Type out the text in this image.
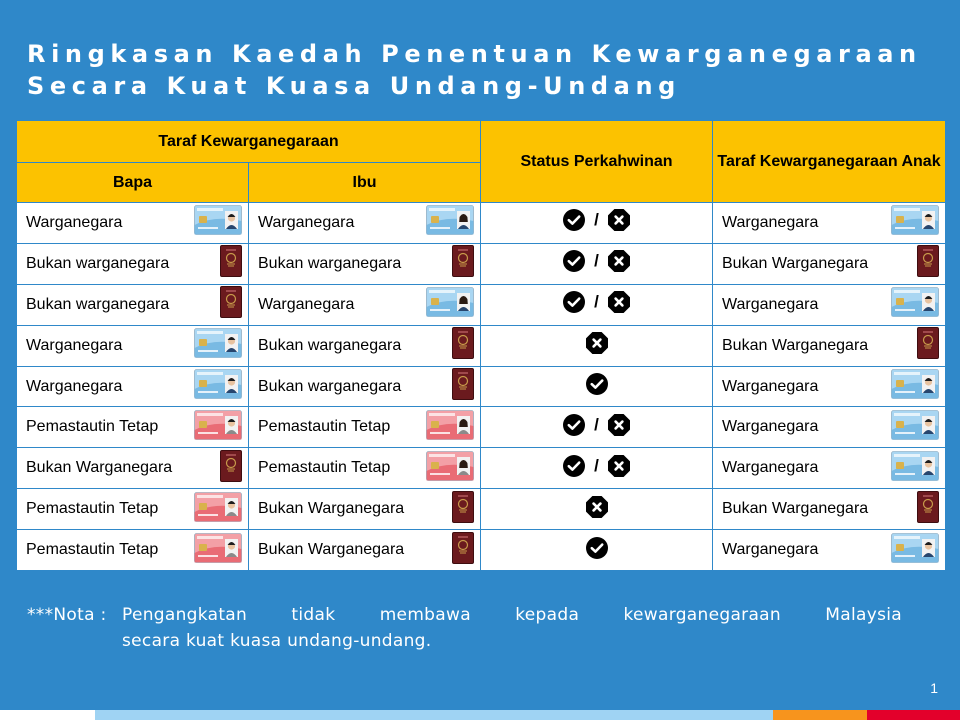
Ringkasan Kaedah Penentuan Kewarganegaraan
Secara Kuat Kuasa Undang-Undang
Taraf Kewarganegaraan		Status Perkahwinan	Taraf Kewarganegaraan Anak
Bapa	Ibu		

Warganegara	Warganegara	/	Warganegara

Bukan warganegara	Bukan warganegara	/	Bukan Warganegara

Bukan warganegara	Warganegara	/	Warganegara

Warganegara	Bukan warganegara		Bukan Warganegara

Warganegara	Bukan warganegara		Warganegara

Pemastautin Tetap	Pemastautin Tetap	/	Warganegara

Bukan Warganegara	Pemastautin Tetap	/	Warganegara

Pemastautin Tetap	Bukan Warganegara		Bukan Warganegara

Pemastautin Tetap	Bukan Warganegara		Warganegara
***Nota : Pengangkatan tidak membawa kepada kewarganegaraan Malaysia
secara kuat kuasa undang-undang.
1
